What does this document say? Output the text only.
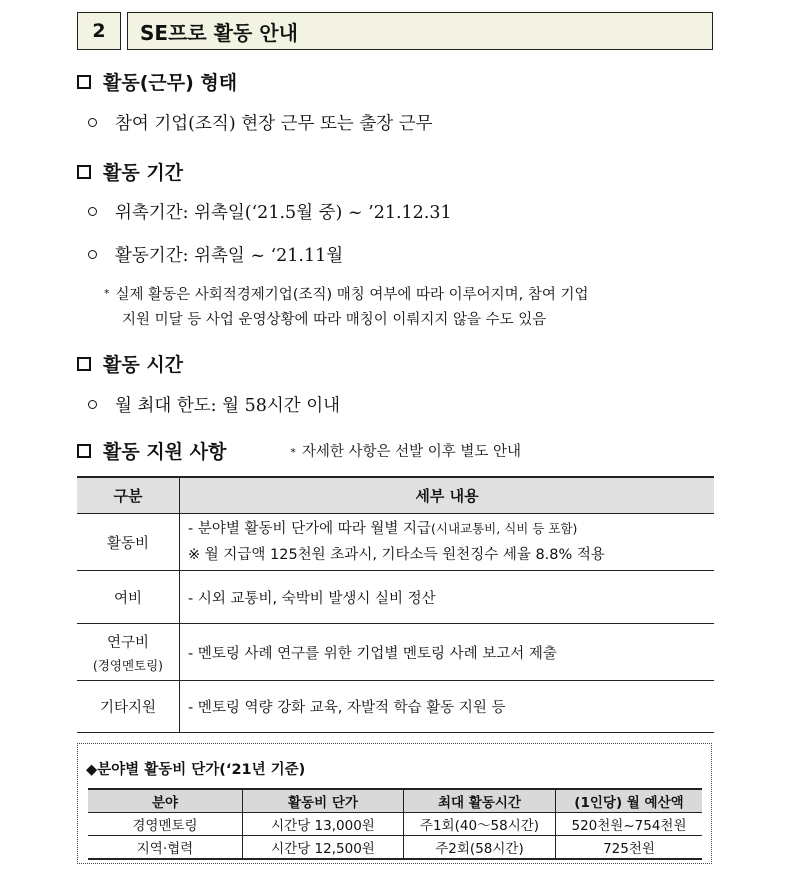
2	SE프로 활동 안내
활동(근무) 형태
참여 기업(조직) 현장 근무 또는 출장 근무
활동 기간
위촉기간: 위촉일(‘21.5월 중) ~ ’21.12.31
활동기간: 위촉일 ~ ‘21.11월
* 실제 활동은 사회적경제기업(조직) 매칭 여부에 따라 이루어지며, 참여 기업
지원 미달 등 사업 운영상황에 따라 매칭이 이뤄지지 않을 수도 있음
활동 시간
월 최대 한도: 월 58시간 이내
활동 지원 사항	* 자세한 사항은 선발 이후 별도 안내
구분	세부 내용
활동비	- 분야별 활동비 단가에 따라 월별 지급(시내교통비, 식비 등 포함)
※ 월 지급액 125천원 초과시, 기타소득 원천징수 세율 8.8% 적용

여비	- 시외 교통비, 숙박비 발생시 실비 정산

연구비
(경영멘토링)	- 멘토링 사례 연구를 위한 기업별 멘토링 사례 보고서 제출
기타지원	- 멘토링 역량 강화 교육, 자발적 학습 활동 지원 등
◆분야별 활동비 단가(‘21년 기준)
분야	활동비 단가	최대 활동시간	(1인당) 월 예산액
경영멘토링	시간당 13,000원	주1회(40～58시간)	520천원~754천원
지역·협력	시간당 12,500원	주2회(58시간)	725천원
